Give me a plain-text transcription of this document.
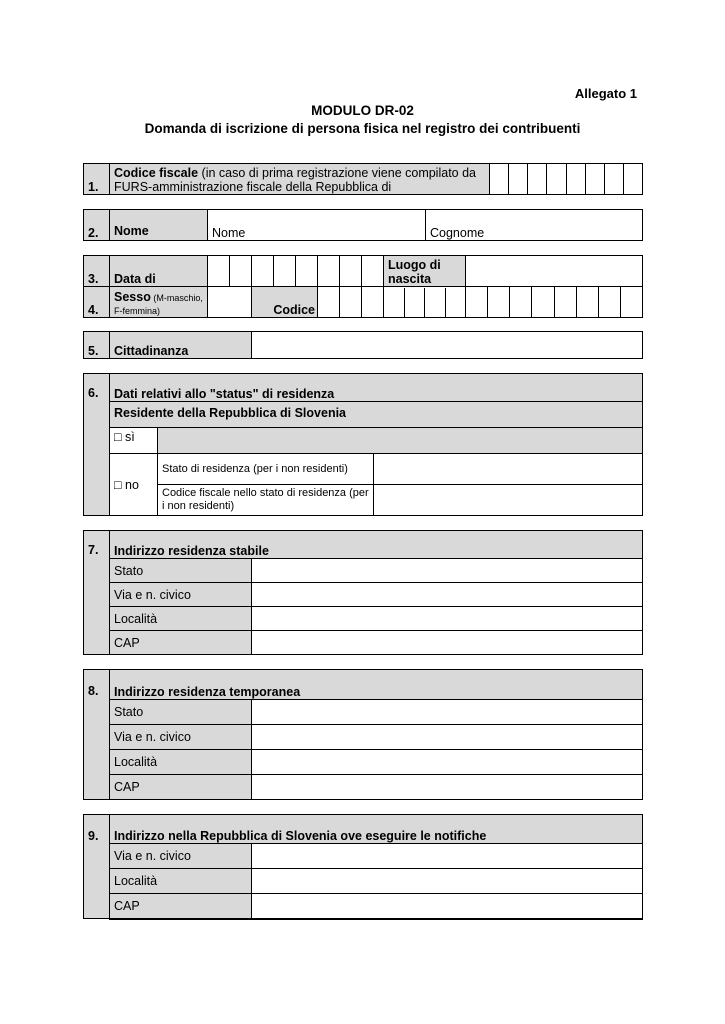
Allegato 1
MODULO DR-02
Domanda di iscrizione di persona fisica nel registro dei contribuenti
1.	Codice fiscale (in caso di prima registrazione viene compilato da FURS-amministrazione fiscale della Repubblica di								
2.	Nome	Nome	Cognome
3.	Data di									Luogo di nascita								
4.	Sesso (M-maschio, F-femmina)			Codice						

5.	Cittadinanza	
6.	Dati relativi allo "status" di residenza		
	Residente della Repubblica di Slovenia		
	□ sì		
	□ no	Stato di residenza (per i non residenti)	
		Codice fiscale nello stato di residenza (per i non residenti)	
7.	Indirizzo residenza stabile	
	Stato	
	Via e n. civico	
	Località	
	CAP	
8.	Indirizzo residenza temporanea	
	Stato	
	Via e n. civico	
	Località	
	CAP	
9.	Indirizzo nella Repubblica di Slovenia ove eseguire le notifiche	
	Via e n. civico	
	Località	
	CAP	
